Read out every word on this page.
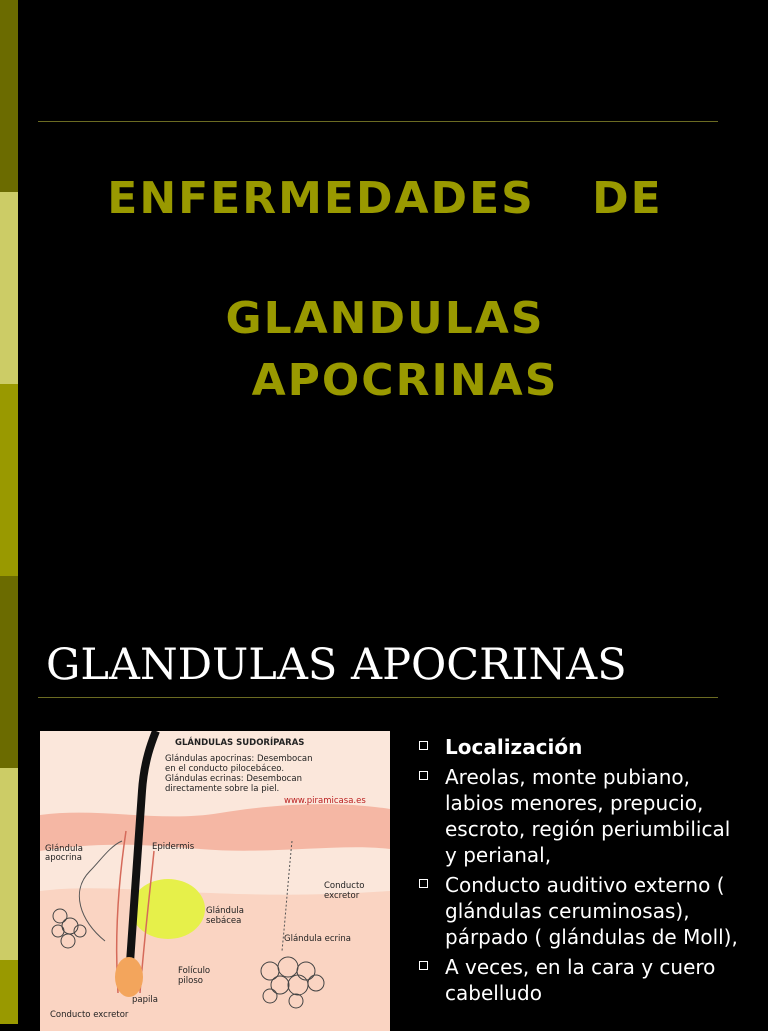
ENFERMEDADES DE
GLANDULAS
APOCRINAS
GLANDULAS APOCRINAS
GLÁNDULAS SUDORÍPARAS
Glándulas apocrinas: Desembocan
en el conducto pilocebáceo.
Glándulas ecrinas: Desembocan
directamente sobre la piel.
www.piramicasa.es
Glándula
apocrina
Epidermis
Conducto
excretor
Glándula
sebácea
Glándula ecrina
Folículo
piloso
papila
Conducto excretor
Localización
Areolas, monte pubiano, labios menores, prepucio, escroto, región periumbilical y perianal,
Conducto auditivo externo ( glándulas ceruminosas), párpado ( glándulas de Moll),
A veces, en la cara y cuero cabelludo
